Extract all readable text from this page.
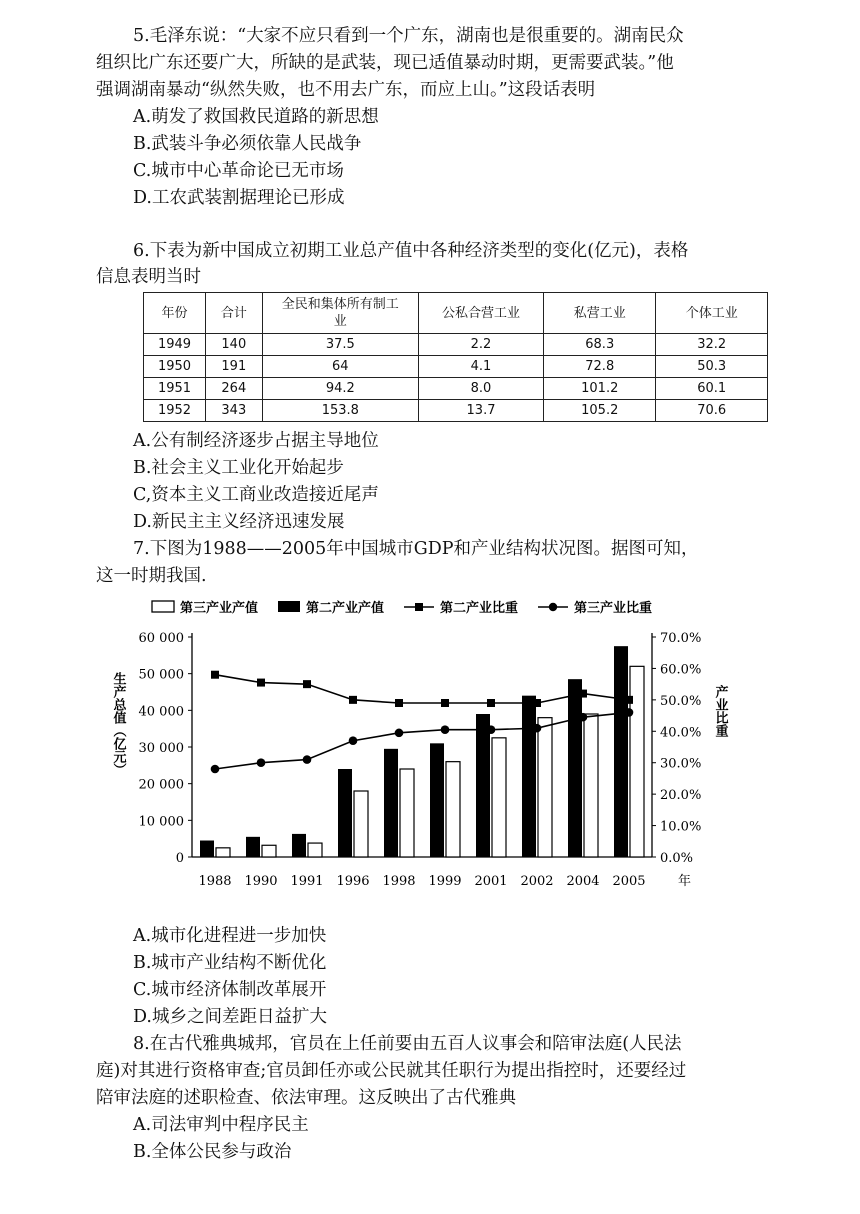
5.毛泽东说：“大家不应只看到一个广东，湖南也是很重要的。湖南民众

组织比广东还要广大，所缺的是武装，现已适值暴动时期，更需要武装。”他

强调湖南暴动“纵然失败，也不用去广东，而应上山。”这段话表明

A.萌发了救国救民道路的新思想

B.武装斗争必须依靠人民战争

C.城市中心革命论已无市场

D.工农武装割据理论已形成

6.下表为新中国成立初期工业总产值中各种经济类型的变化(亿元)，表格

年份	合计	全民和集体所有制工业	公私合营工业	私营工业	个体工业
1949	140	37.5	2.2	68.3	32.2
1950	191	64	4.1	72.8	50.3
1951	264	94.2	8.0	101.2	60.1
1952	343	153.8	13.7	105.2	70.6

A.公有制经济逐步占据主导地位

B.社会主义工业化开始起步

C,资本主义工商业改造接近尾声

D.新民主主义经济迅速发展

7.下图为1988——2005年中国城市GDP和产业结构状况图。据图可知，

这一时期我国.

第三产业产值	第二产业产值	第二产业比重	第三产业比重
0
10 000
20 000
30 000
40 000
50 000
60 000
0.0%
10.0%
20.0%
30.0%
40.0%
50.0%
60.0%
70.0%
1988 1990 1991 1996 1998 1999 2001 2002 2004 2005 年
生产总值（亿元）	产业比重

A.城市化进程进一步加快

B.城市产业结构不断优化

C.城市经济体制改革展开

D.城乡之间差距日益扩大

8.在古代雅典城邦，官员在上任前要由五百人议事会和陪审法庭(人民法

庭)对其进行资格审查;官员卸任亦或公民就其任职行为提出指控时，还要经过

陪审法庭的述职检查、依法审理。这反映出了古代雅典

A.司法审判中程序民主

B.全体公民参与政治

信息表明当时
